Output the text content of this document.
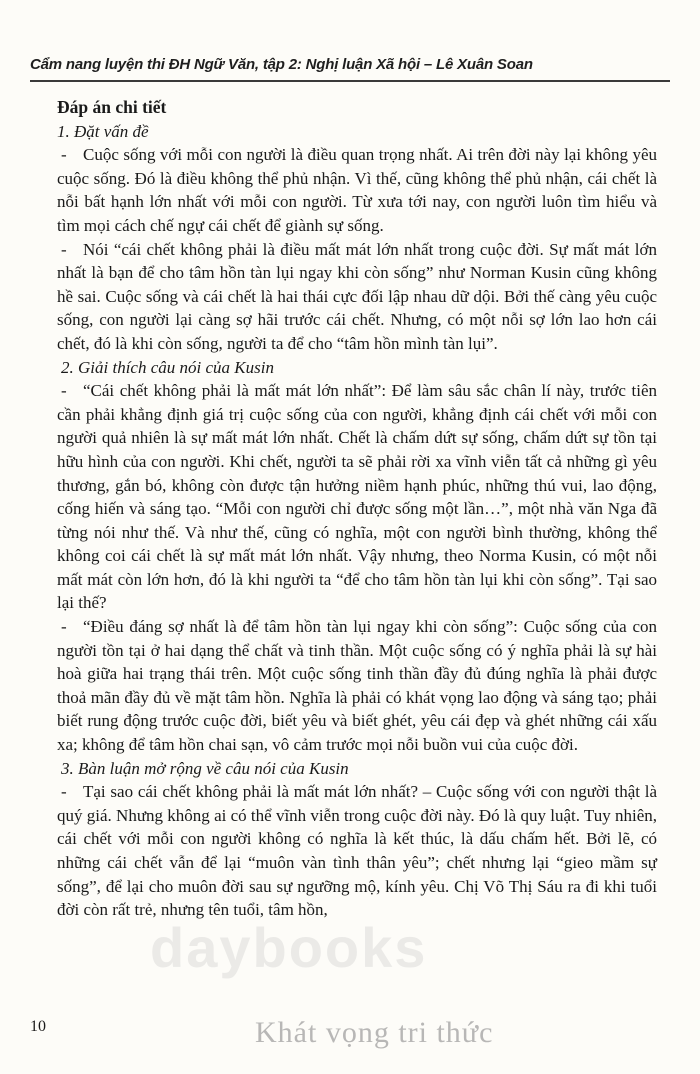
Cẩm nang luyện thi ĐH Ngữ Văn, tập 2: Nghị luận Xã hội – Lê Xuân Soan

Đáp án chi tiết

1. Đặt vấn đề

- Cuộc sống với mỗi con người là điều quan trọng nhất. Ai trên đời này lại không yêu cuộc sống. Đó là điều không thể phủ nhận. Vì thế, cũng không thể phủ nhận, cái chết là nỗi bất hạnh lớn nhất với mỗi con người. Từ xưa tới nay, con người luôn tìm hiểu và tìm mọi cách chế ngự cái chết để giành sự sống.

- Nói “cái chết không phải là điều mất mát lớn nhất trong cuộc đời. Sự mất mát lớn nhất là bạn để cho tâm hồn tàn lụi ngay khi còn sống” như Norman Kusin cũng không hề sai. Cuộc sống và cái chết là hai thái cực đối lập nhau dữ dội. Bởi thế càng yêu cuộc sống, con người lại càng sợ hãi trước cái chết. Nhưng, có một nỗi sợ lớn lao hơn cái chết, đó là khi còn sống, người ta để cho “tâm hồn mình tàn lụi”.

2. Giải thích câu nói của Kusin

- “Cái chết không phải là mất mát lớn nhất”: Để làm sâu sắc chân lí này, trước tiên cần phải khẳng định giá trị cuộc sống của con người, khẳng định cái chết với mỗi con người quả nhiên là sự mất mát lớn nhất. Chết là chấm dứt sự sống, chấm dứt sự tồn tại hữu hình của con người. Khi chết, người ta sẽ phải rời xa vĩnh viễn tất cả những gì yêu thương, gắn bó, không còn được tận hưởng niềm hạnh phúc, những thú vui, lao động, cống hiến và sáng tạo. “Mỗi con người chỉ được sống một lần…”, một nhà văn Nga đã từng nói như thế. Và như thế, cũng có nghĩa, một con người bình thường, không thể không coi cái chết là sự mất mát lớn nhất. Vậy nhưng, theo Norma Kusin, có một nỗi mất mát còn lớn hơn, đó là khi người ta “để cho tâm hồn tàn lụi khi còn sống”. Tại sao lại thế?

- “Điều đáng sợ nhất là để tâm hồn tàn lụi ngay khi còn sống”: Cuộc sống của con người tồn tại ở hai dạng thể chất và tinh thần. Một cuộc sống có ý nghĩa phải là sự hài hoà giữa hai trạng thái trên. Một cuộc sống tinh thần đầy đủ đúng nghĩa là phải được thoả mãn đầy đủ về mặt tâm hồn. Nghĩa là phải có khát vọng lao động và sáng tạo; phải biết rung động trước cuộc đời, biết yêu và biết ghét, yêu cái đẹp và ghét những cái xấu xa; không để tâm hồn chai sạn, vô cảm trước mọi nỗi buồn vui của cuộc đời.

3. Bàn luận mở rộng về câu nói của Kusin

- Tại sao cái chết không phải là mất mát lớn nhất? – Cuộc sống với con người thật là quý giá. Nhưng không ai có thể vĩnh viễn trong cuộc đời này. Đó là quy luật. Tuy nhiên, cái chết với mỗi con người không có nghĩa là kết thúc, là dấu chấm hết. Bởi lẽ, có những cái chết vẫn để lại “muôn vàn tình thân yêu”; chết nhưng lại “gieo mầm sự sống”, để lại cho muôn đời sau sự ngưỡng mộ, kính yêu. Chị Võ Thị Sáu ra đi khi tuổi đời còn rất trẻ, nhưng tên tuổi, tâm hồn,

daybooks
10	Khát vọng tri thức
